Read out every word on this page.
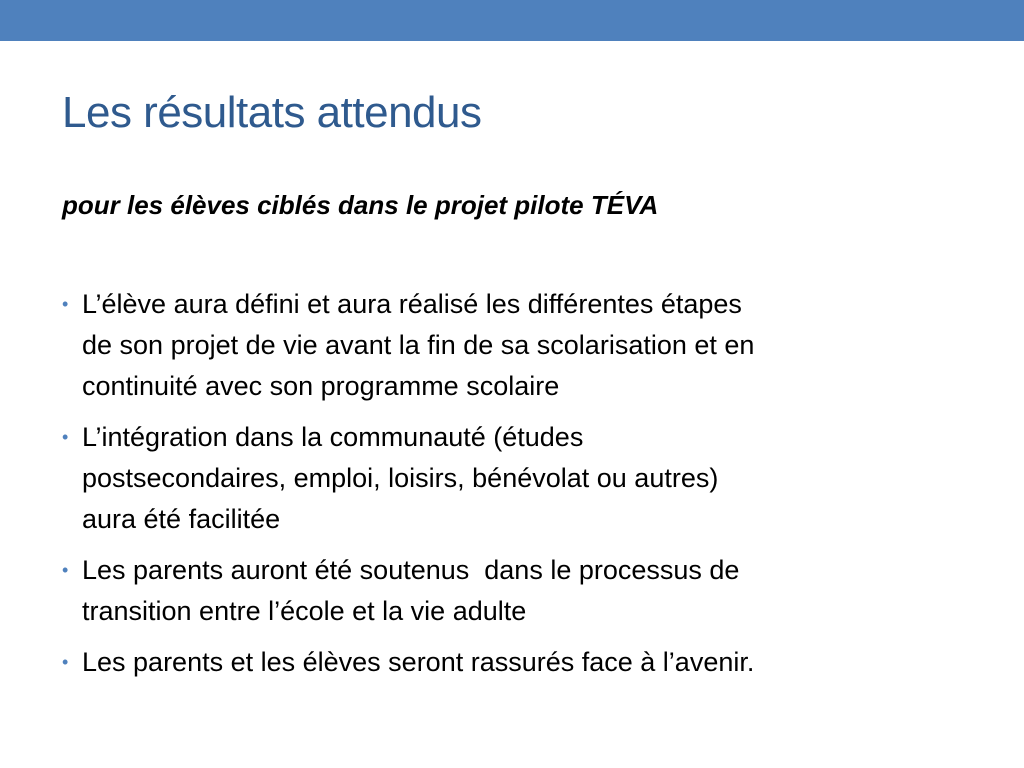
Les résultats attendus
pour les élèves ciblés dans le projet pilote TÉVA
• L’élève aura défini et aura réalisé les différentes étapes
de son projet de vie avant la fin de sa scolarisation et en
continuité avec son programme scolaire
• L’intégration dans la communauté (études
postsecondaires, emploi, loisirs, bénévolat ou autres)
aura été facilitée
• Les parents auront été soutenus  dans le processus de
transition entre l’école et la vie adulte
• Les parents et les élèves seront rassurés face à l’avenir.
